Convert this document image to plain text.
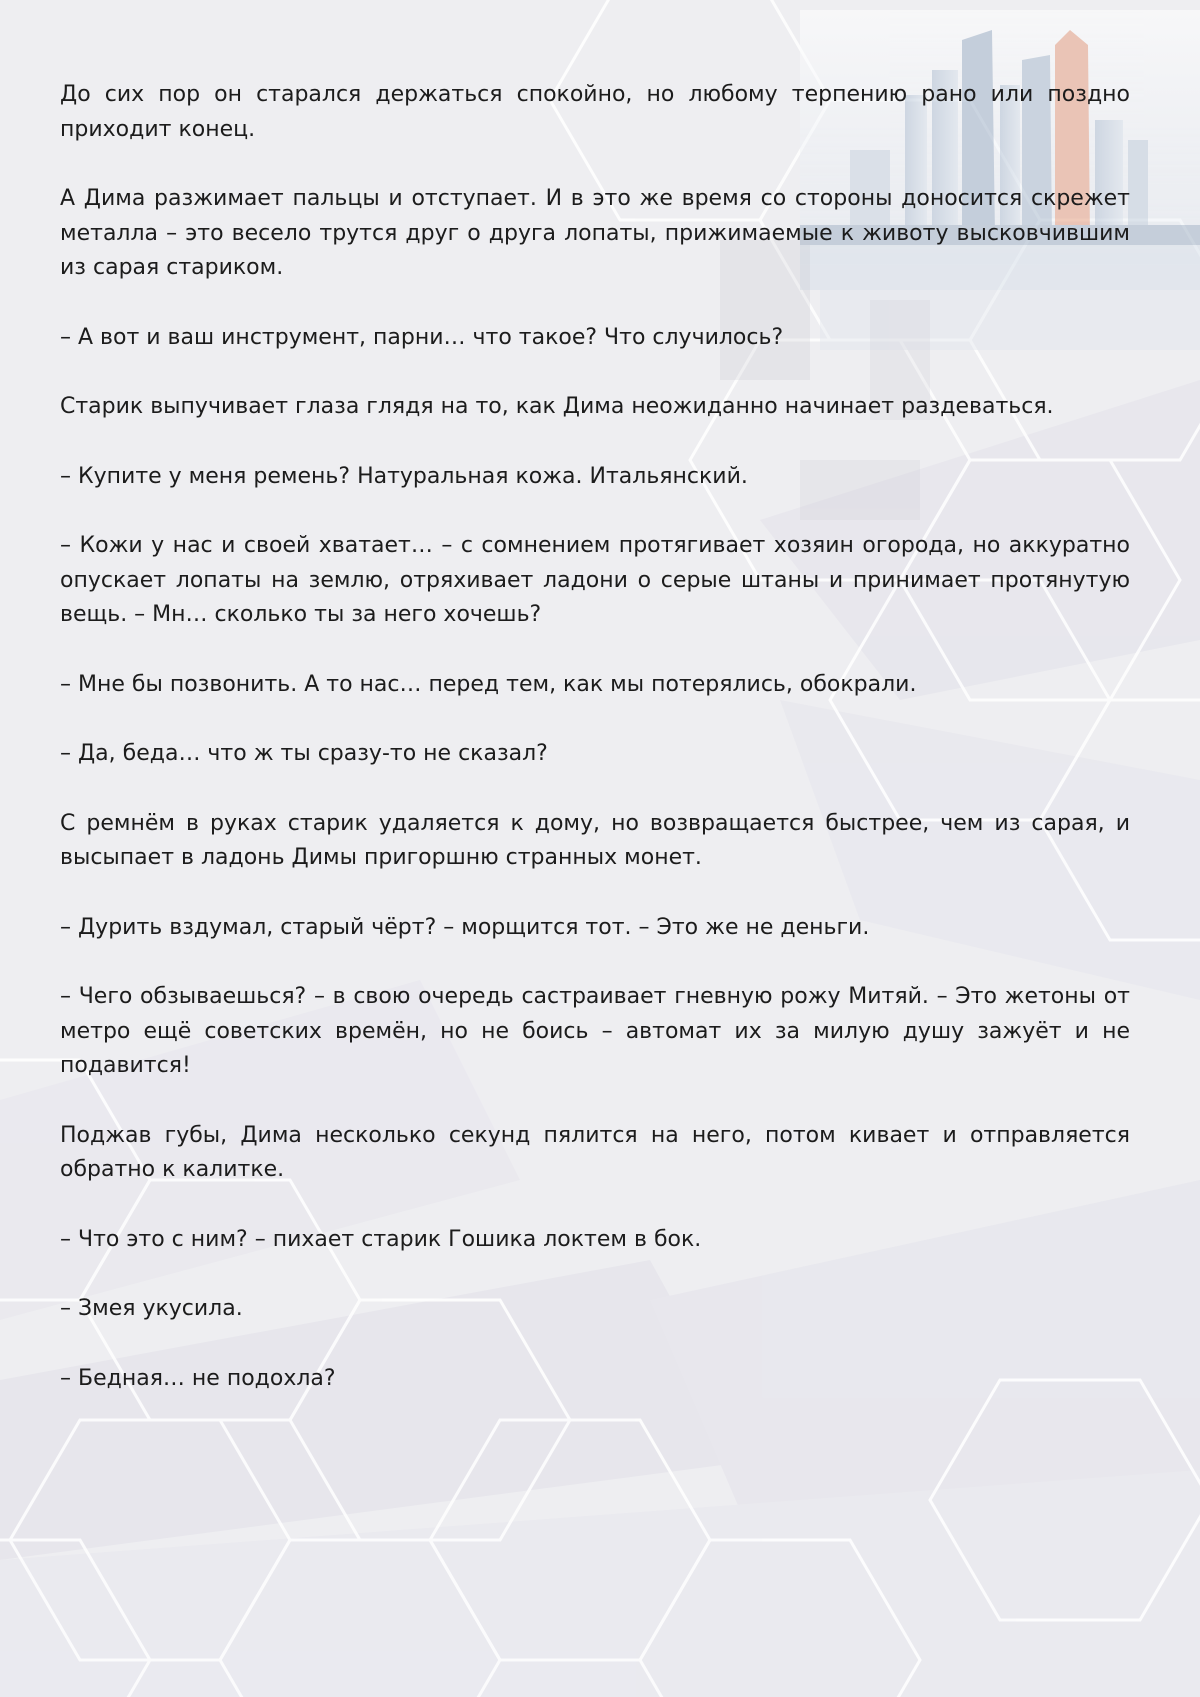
До сих пор он старался держаться спокойно, но любому терпению рано или поздно приходит конец.

А Дима разжимает пальцы и отступает. И в это же время со стороны доносится скрежет металла – это весело трутся друг о друга лопаты, прижимаемые к животу высковчившим из сарая стариком.

– А вот и ваш инструмент, парни… что такое? Что случилось?

Старик выпучивает глаза глядя на то, как Дима неожиданно начинает раздеваться.

– Купите у меня ремень? Натуральная кожа. Итальянский.

– Кожи у нас и своей хватает… – с сомнением протягивает хозяин огорода, но аккуратно опускает лопаты на землю, отряхивает ладони о серые штаны и принимает протянутую вещь. – Мн… сколько ты за него хочешь?

– Мне бы позвонить. А то нас… перед тем, как мы потерялись, обокрали.

– Да, беда… что ж ты сразу-то не сказал?

С ремнём в руках старик удаляется к дому, но возвращается быстрее, чем из сарая, и высыпает в ладонь Димы пригоршню странных монет.

– Дурить вздумал, старый чёрт? – морщится тот. – Это же не деньги.

– Чего обзываешься? – в свою очередь састраивает гневную рожу Митяй. – Это жетоны от метро ещё советских времён, но не боись – автомат их за милую душу зажуёт и не подавится!

Поджав губы, Дима несколько секунд пялится на него, потом кивает и отправляется обратно к калитке.

– Что это с ним? – пихает старик Гошика локтем в бок.

– Змея укусила.

– Бедная… не подохла?
